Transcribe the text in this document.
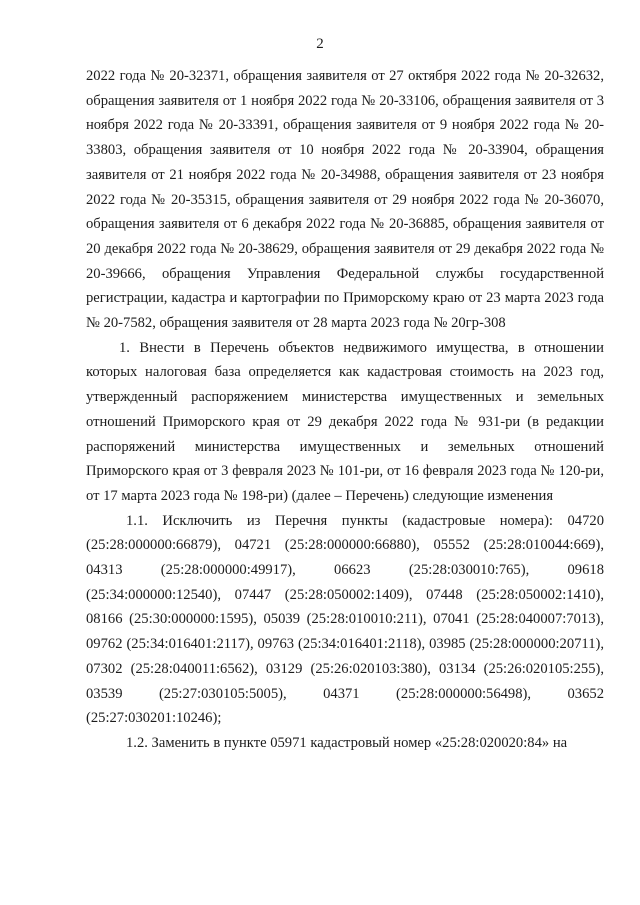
2

2022 года № 20-32371, обращения заявителя от 27 октября 2022 года № 20-32632, обращения заявителя от 1 ноября 2022 года № 20-33106, обращения заявителя от 3 ноября 2022 года № 20-33391, обращения заявителя от 9 ноября 2022 года № 20-33803, обращения заявителя от 10 ноября 2022 года № 20-33904, обращения заявителя от 21 ноября 2022 года № 20-34988, обращения заявителя от 23 ноября 2022 года № 20-35315, обращения заявителя от 29 ноября 2022 года № 20-36070, обращения заявителя от 6 декабря 2022 года № 20-36885, обращения заявителя от 20 декабря 2022 года № 20-38629, обращения заявителя от 29 декабря 2022 года № 20-39666, обращения Управления Федеральной службы государственной регистрации, кадастра и картографии по Приморскому краю от 23 марта 2023 года № 20-7582, обращения заявителя от 28 марта 2023 года № 20гр-308

1. Внести в Перечень объектов недвижимого имущества, в отношении которых налоговая база определяется как кадастровая стоимость на 2023 год, утвержденный распоряжением министерства имущественных и земельных отношений Приморского края от 29 декабря 2022 года № 931-ри (в редакции распоряжений министерства имущественных и земельных отношений Приморского края от 3 февраля 2023 № 101-ри, от 16 февраля 2023 года № 120-ри, от 17 марта 2023 года № 198-ри) (далее – Перечень) следующие изменения

1.1. Исключить из Перечня пункты (кадастровые номера): 04720 (25:28:000000:66879), 04721 (25:28:000000:66880), 05552 (25:28:010044:669), 04313 (25:28:000000:49917), 06623 (25:28:030010:765), 09618 (25:34:000000:12540), 07447 (25:28:050002:1409), 07448 (25:28:050002:1410), 08166 (25:30:000000:1595), 05039 (25:28:010010:211), 07041 (25:28:040007:7013), 09762 (25:34:016401:2117), 09763 (25:34:016401:2118), 03985 (25:28:000000:20711), 07302 (25:28:040011:6562), 03129 (25:26:020103:380), 03134 (25:26:020105:255), 03539 (25:27:030105:5005), 04371 (25:28:000000:56498), 03652 (25:27:030201:10246);

1.2. Заменить в пункте 05971 кадастровый номер «25:28:020020:84» на
